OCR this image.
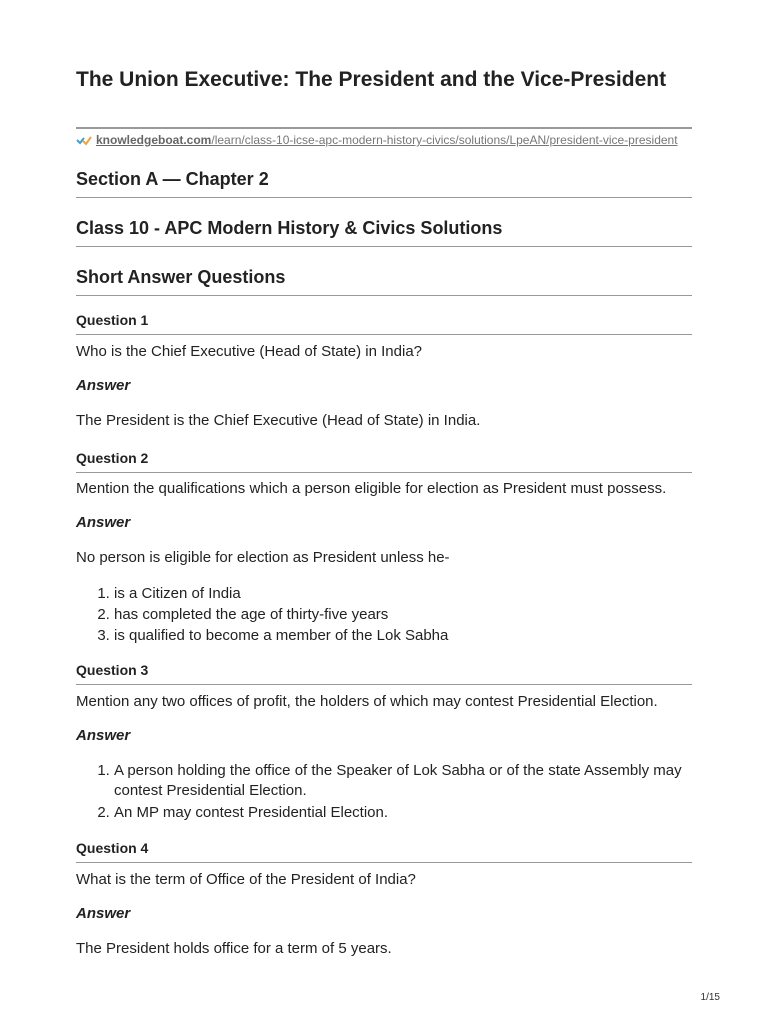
The Union Executive: The President and the Vice-President
knowledgeboat.com /learn/class-10-icse-apc-modern-history-civics/solutions/LpeAN/president-vice-president
Section A — Chapter 2
Class 10 - APC Modern History & Civics Solutions
Short Answer Questions
Question 1
Who is the Chief Executive (Head of State) in India?
Answer
The President is the Chief Executive (Head of State) in India.
Question 2
Mention the qualifications which a person eligible for election as President must possess.
Answer
No person is eligible for election as President unless he-
1. is a Citizen of India
2. has completed the age of thirty-five years
3. is qualified to become a member of the Lok Sabha
Question 3
Mention any two offices of profit, the holders of which may contest Presidential Election.
Answer
1. A person holding the office of the Speaker of Lok Sabha or of the state Assembly may contest Presidential Election.
2. An MP may contest Presidential Election.
Question 4
What is the term of Office of the President of India?
Answer
The President holds office for a term of 5 years.
1/15
